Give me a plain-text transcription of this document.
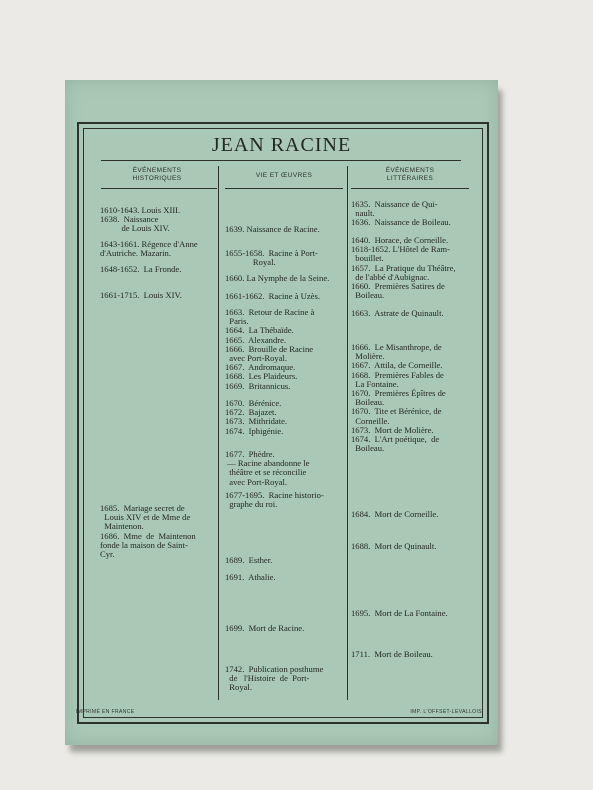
JEAN RACINE
ÉVÉNEMENTS
HISTORIQUES	VIE ET ŒUVRES
ÉVÉNEMENTS
LITTÉRAIRES
1610-1643. Louis XIII.
1638.  Naissance
de Louis XIV.
1643-1661. Régence d'Anne
d'Autriche. Mazarin.
1648-1652.  La Fronde.
1661-1715.  Louis XIV.
1685.  Mariage secret de
Louis XIV et de Mme de
Maintenon.
1686.  Mme  de  Maintenon
fonde la maison de Saint-
Cyr.
1639. Naissance de Racine.
1655-1658.  Racine à Port-
Royal.
1660. La Nymphe de la Seine.
1661-1662.  Racine à Uzès.
1663.  Retour de Racine à
Paris.
1664.  La Thébaïde.
1665.  Alexandre.
1666.  Brouille de Racine
avec Port-Royal.
1667.  Andromaque.
1668.  Les Plaideurs.
1669.  Britannicus.
1670.  Bérénice.
1672.  Bajazet.
1673.  Mithridate.
1674.  Iphigénie.
1677.  Phèdre.
— Racine abandonne le
théâtre et se réconcilie
avec Port-Royal.
1677-1695.  Racine historio-
graphe du roi.
1689.  Esther.
1691.  Athalie.
1699.  Mort de Racine.
1742.  Publication posthume
de   l'Histoire  de  Port-
Royal.
1635.  Naissance de Qui-
nault.
1636.  Naissance de Boileau.
1640.  Horace, de Corneille.
1618-1652. L'Hôtel de Ram-
bouillet.
1657.  La Pratique du Théâtre,
de l'abbé d'Aubignac.
1660.  Premières Satires de
Boileau.
1663.  Astrate de Quinault.
1666.  Le Misanthrope, de
Molière.
1667.  Attila, de Corneille.
1668.  Premières Fables de
La Fontaine.
1670.  Premières Épîtres de
Boileau.
1670.  Tite et Bérénice, de
Corneille.
1673.  Mort de Molière.
1674.  L'Art poétique,  de
Boileau.
1684.  Mort de Corneille.
1688.  Mort de Quinault.
1695.  Mort de La Fontaine.
1711.  Mort de Boileau.
IMPRIMÉ EN FRANCE	IMP. L'OFFSET-LEVALLOIS
